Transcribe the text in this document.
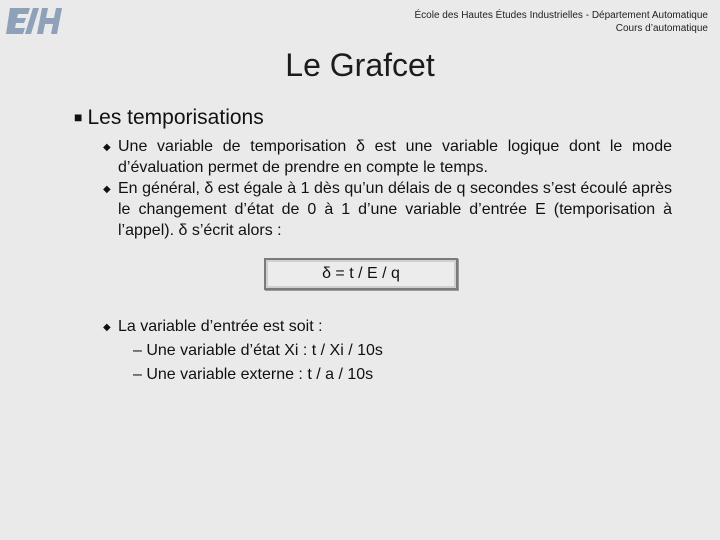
École des Hautes Études Industrielles - Département Automatique
Cours d’automatique
Le Grafcet
■ Les temporisations
◆ Une variable de temporisation δ est une variable logique dont le mode d’évaluation permet de prendre en compte le temps.
◆ En général, δ est égale à 1 dès qu’un délais de q secondes s’est écoulé après le changement d’état de 0 à 1 d’une variable d’entrée E (temporisation à l’appel). δ s’écrit alors :
δ = t / E / q
◆ La variable d’entrée est soit :
– Une variable d’état Xi : t / Xi / 10s
– Une variable externe : t / a / 10s
